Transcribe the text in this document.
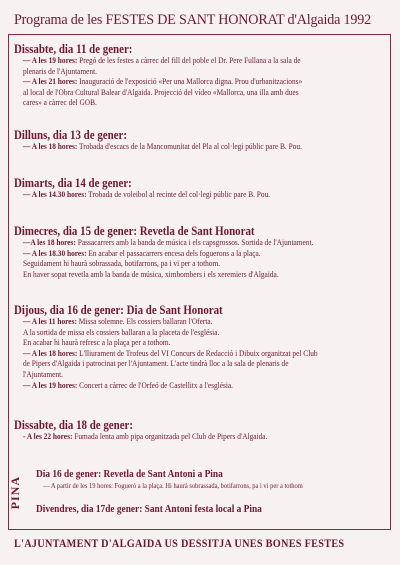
Programa de les FESTES DE SANT HONORAT d'Algaida 1992
Dissabte, dia 11 de gener:
— A les 19 hores: Pregó de les festes a càrrec del fill del poble el Dr. Pere Fullana a la sala de
plenaris de l'Ajuntament.
— A les 21 hores: Inauguració de l'exposició «Per una Mallorca digna. Prou d'urbanitzacions»
al local de l'Obra Cultural Balear d'Algaida. Projecció del vídeo «Mallorca, una illa amb dues
cares» a càrrec del GOB.
Dilluns, dia 13 de gener:
— A les 18 hores: Trobada d'escacs de la Mancomunitat del Pla al col·legi públic pare B. Pou.
Dimarts, dia 14 de gener:
— A les 14.30 hores: Trobada de voleibol al recinte del col·legi públic pare B. Pou.
Dimecres, dia 15 de gener: Revetla de Sant Honorat
—A les 18 hores: Passacarrers amb la banda de música i els capsgrossos. Sortida de l'Ajuntament.
— A les 18.30 hores: En acabar el passacarrers encesa dels foguerons a la plaça.
Seguidament hi haurà sobrassada, botifarrons, pa i vi per a tothom.
En haver sopat revetla amb la banda de música, ximbombers i els xeremiers d'Algaida.
Dijous, dia 16 de gener: Dia de Sant Honorat
— A les 11 hores: Missa solemne. Els cossiers ballaran l'Oferta.
A la sortida de missa els cossiers ballaran a la placeta de l'església.
En acabar hi haurà refresc a la plaça per a tothom.
— A les 18 hores: L'lliurament de Trofeus del VI Concurs de Redacció i Dibuix organitzat pel Club
de Pipers d'Algaida i patrocinat per l'Ajuntament. L'acte tindrà lloc a la sala de plenaris de
l'Ajuntament.
— A les 19 hores: Concert a càrrec de l'Orfeó de Castellitx a l'església.
Dissabte, dia 18 de gener:
- A les 22 hores: Fumada lenta amb pipa organitzada pel Club de Pipers d'Algaida.
PINA
Dia 16 de gener: Revetla de Sant Antoni a Pina
— A partir de les 19 hores: Fogueró a la plaça. Hi haurà sobrassada, botifarrons, pa i vi per a tothom
Divendres, dia 17de gener: Sant Antoni festa local a Pina
L'AJUNTAMENT D'ALGAIDA US DESSITJA UNES BONES FESTES
